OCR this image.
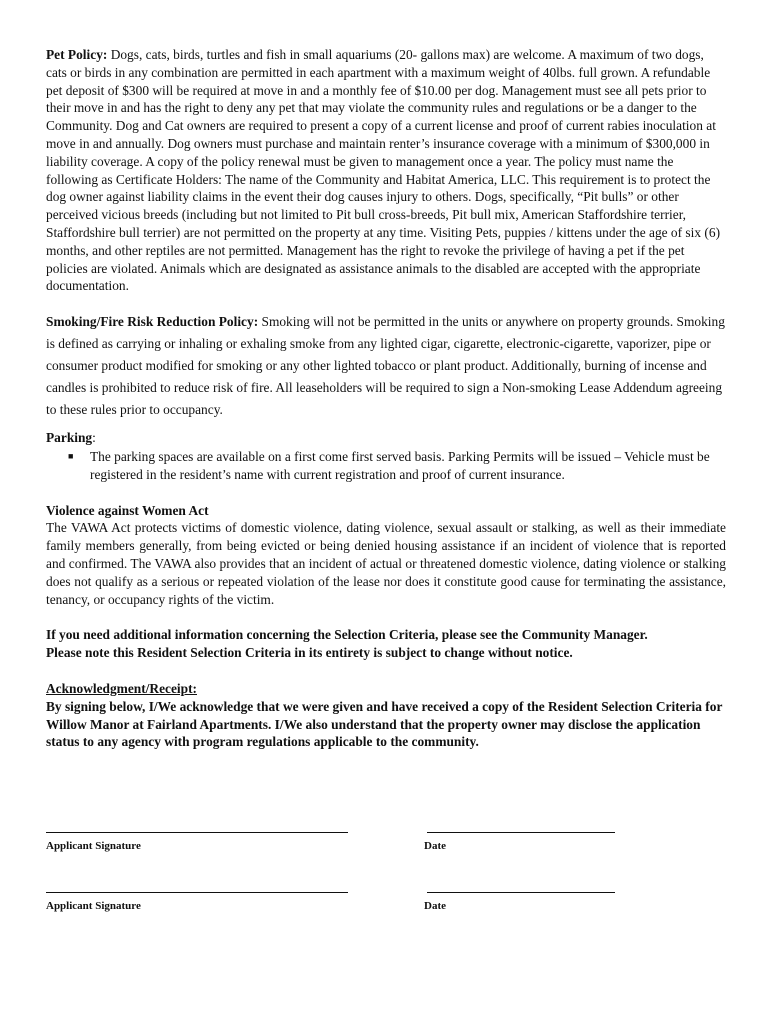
Pet Policy: Dogs, cats, birds, turtles and fish in small aquariums (20- gallons max) are welcome. A maximum of two dogs, cats or birds in any combination are permitted in each apartment with a maximum weight of 40lbs. full grown. A refundable pet deposit of $300 will be required at move in and a monthly fee of $10.00 per dog. Management must see all pets prior to their move in and has the right to deny any pet that may violate the community rules and regulations or be a danger to the Community. Dog and Cat owners are required to present a copy of a current license and proof of current rabies inoculation at move in and annually. Dog owners must purchase and maintain renter’s insurance coverage with a minimum of $300,000 in liability coverage. A copy of the policy renewal must be given to management once a year. The policy must name the following as Certificate Holders: The name of the Community and Habitat America, LLC. This requirement is to protect the dog owner against liability claims in the event their dog causes injury to others. Dogs, specifically, “Pit bulls” or other perceived vicious breeds (including but not limited to Pit bull cross-breeds, Pit bull mix, American Staffordshire terrier, Staffordshire bull terrier) are not permitted on the property at any time. Visiting Pets, puppies / kittens under the age of six (6) months, and other reptiles are not permitted. Management has the right to revoke the privilege of having a pet if the pet policies are violated. Animals which are designated as assistance animals to the disabled are accepted with the appropriate documentation.

Smoking/Fire Risk Reduction Policy: Smoking will not be permitted in the units or anywhere on property grounds. Smoking is defined as carrying or inhaling or exhaling smoke from any lighted cigar, cigarette, electronic-cigarette, vaporizer, pipe or consumer product modified for smoking or any other lighted tobacco or plant product. Additionally, burning of incense and candles is prohibited to reduce risk of fire. All leaseholders will be required to sign a Non-smoking Lease Addendum agreeing to these rules prior to occupancy.

Parking:
■	The parking spaces are available on a first come first served basis. Parking Permits will be issued – Vehicle must be registered in the resident’s name with current registration and proof of current insurance.
Violence against Women Act
The VAWA Act protects victims of domestic violence, dating violence, sexual assault or stalking, as well as their immediate family members generally, from being evicted or being denied housing assistance if an incident of violence that is reported and confirmed. The VAWA also provides that an incident of actual or threatened domestic violence, dating violence or stalking does not qualify as a serious or repeated violation of the lease nor does it constitute good cause for terminating the assistance, tenancy, or occupancy rights of the victim.
If you need additional information concerning the Selection Criteria, please see the Community Manager.
Please note this Resident Selection Criteria in its entirety is subject to change without notice.
Acknowledgment/Receipt:
By signing below, I/We acknowledge that we were given and have received a copy of the Resident Selection Criteria for Willow Manor at Fairland Apartments. I/We also understand that the property owner may disclose the application status to any agency with program regulations applicable to the community.
Applicant Signature	Date
Applicant Signature	Date
